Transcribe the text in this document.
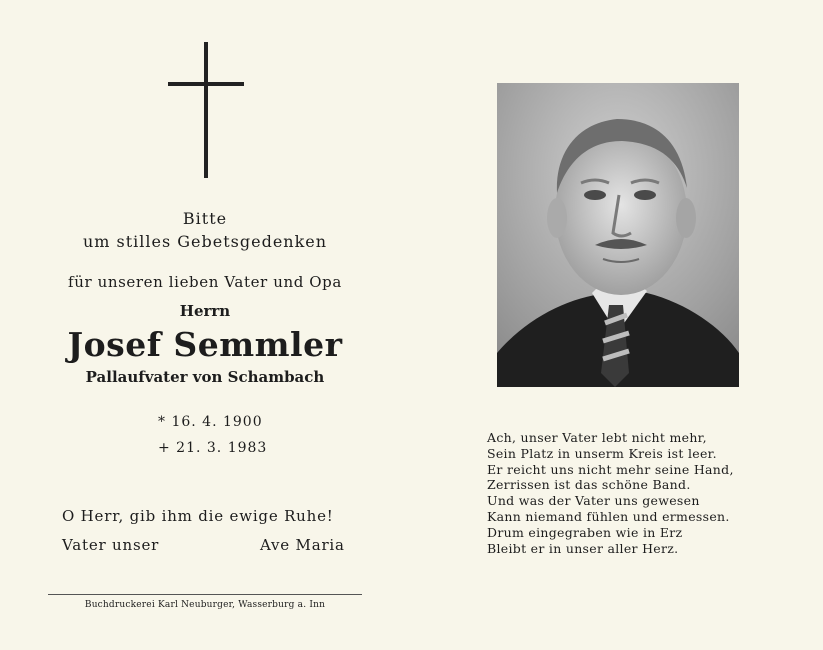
Bitte
um stilles Gebetsgedenken
für unseren lieben Vater und Opa
Herrn
Josef Semmler
Pallaufvater von Schambach
* 16. 4. 1900
+ 21. 3. 1983
O Herr, gib ihm die ewige Ruhe!
Vater unser	Ave Maria
Buchdruckerei Karl Neuburger, Wasserburg a. Inn
Ach, unser Vater lebt nicht mehr,
Sein Platz in unserm Kreis ist leer.
Er reicht uns nicht mehr seine Hand,
Zerrissen ist das schöne Band.
Und was der Vater uns gewesen
Kann niemand fühlen und ermessen.
Drum eingegraben wie in Erz
Bleibt er in unser aller Herz.
